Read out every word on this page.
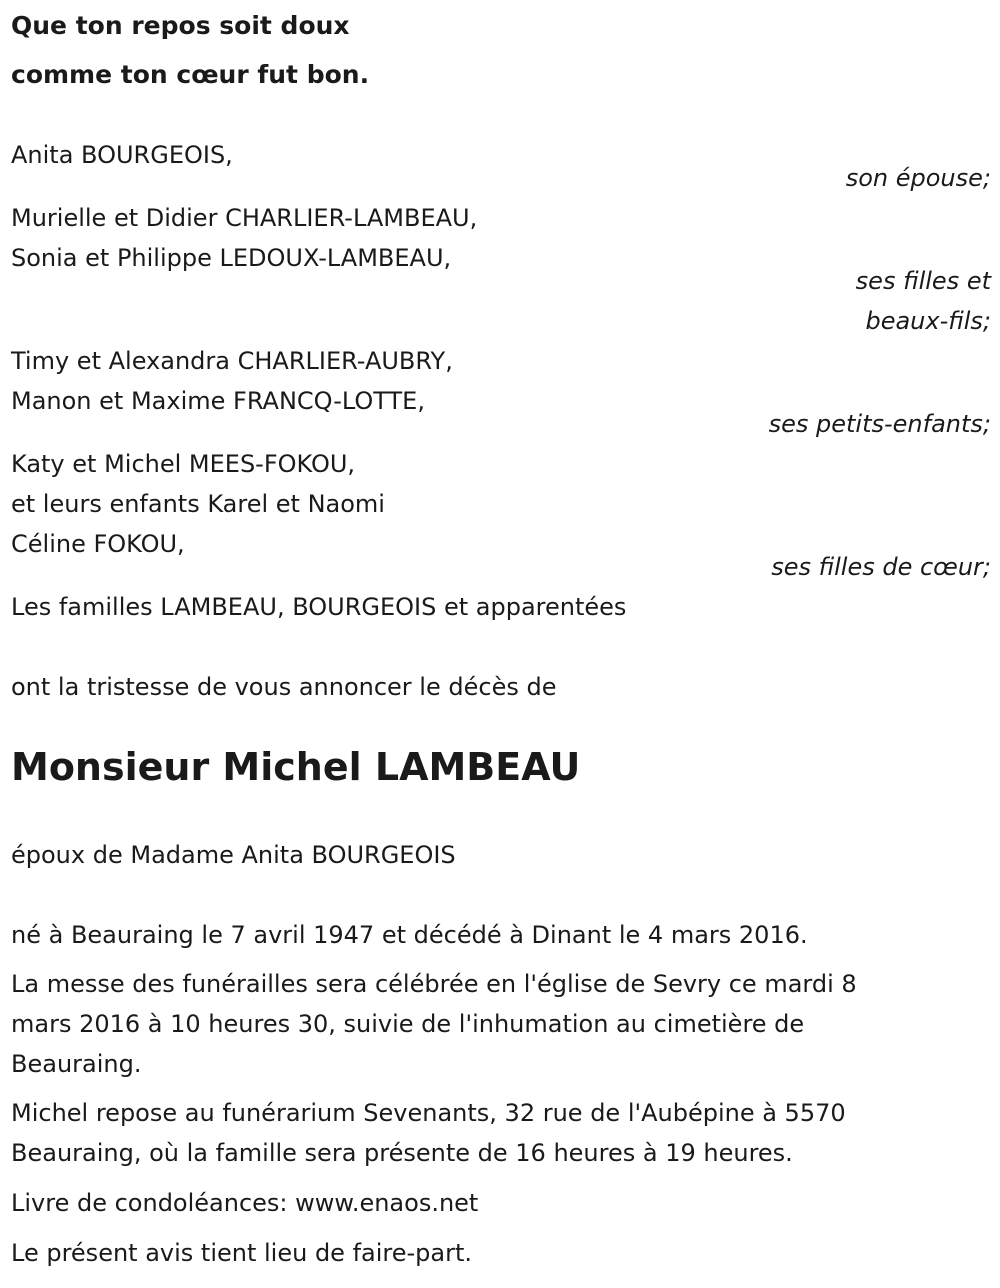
Que ton repos soit doux
comme ton cœur fut bon.
Anita BOURGEOIS,
son épouse;
Murielle et Didier CHARLIER-LAMBEAU,
Sonia et Philippe LEDOUX-LAMBEAU,
ses filles et
beaux-fils;
Timy et Alexandra CHARLIER-AUBRY,
Manon et Maxime FRANCQ-LOTTE,
ses petits-enfants;
Katy et Michel MEES-FOKOU,
et leurs enfants Karel et Naomi
Céline FOKOU,
ses filles de cœur;
Les familles LAMBEAU, BOURGEOIS et apparentées
ont la tristesse de vous annoncer le décès de
Monsieur Michel LAMBEAU
époux de Madame Anita BOURGEOIS
né à Beauraing le 7 avril 1947 et décédé à Dinant le 4 mars 2016.
La messe des funérailles sera célébrée en l'église de Sevry ce mardi 8
mars 2016 à 10 heures 30, suivie de l'inhumation au cimetière de
Beauraing.
Michel repose au funérarium Sevenants, 32 rue de l'Aubépine à 5570
Beauraing, où la famille sera présente de 16 heures à 19 heures.
Livre de condoléances: www.enaos.net
Le présent avis tient lieu de faire-part.
